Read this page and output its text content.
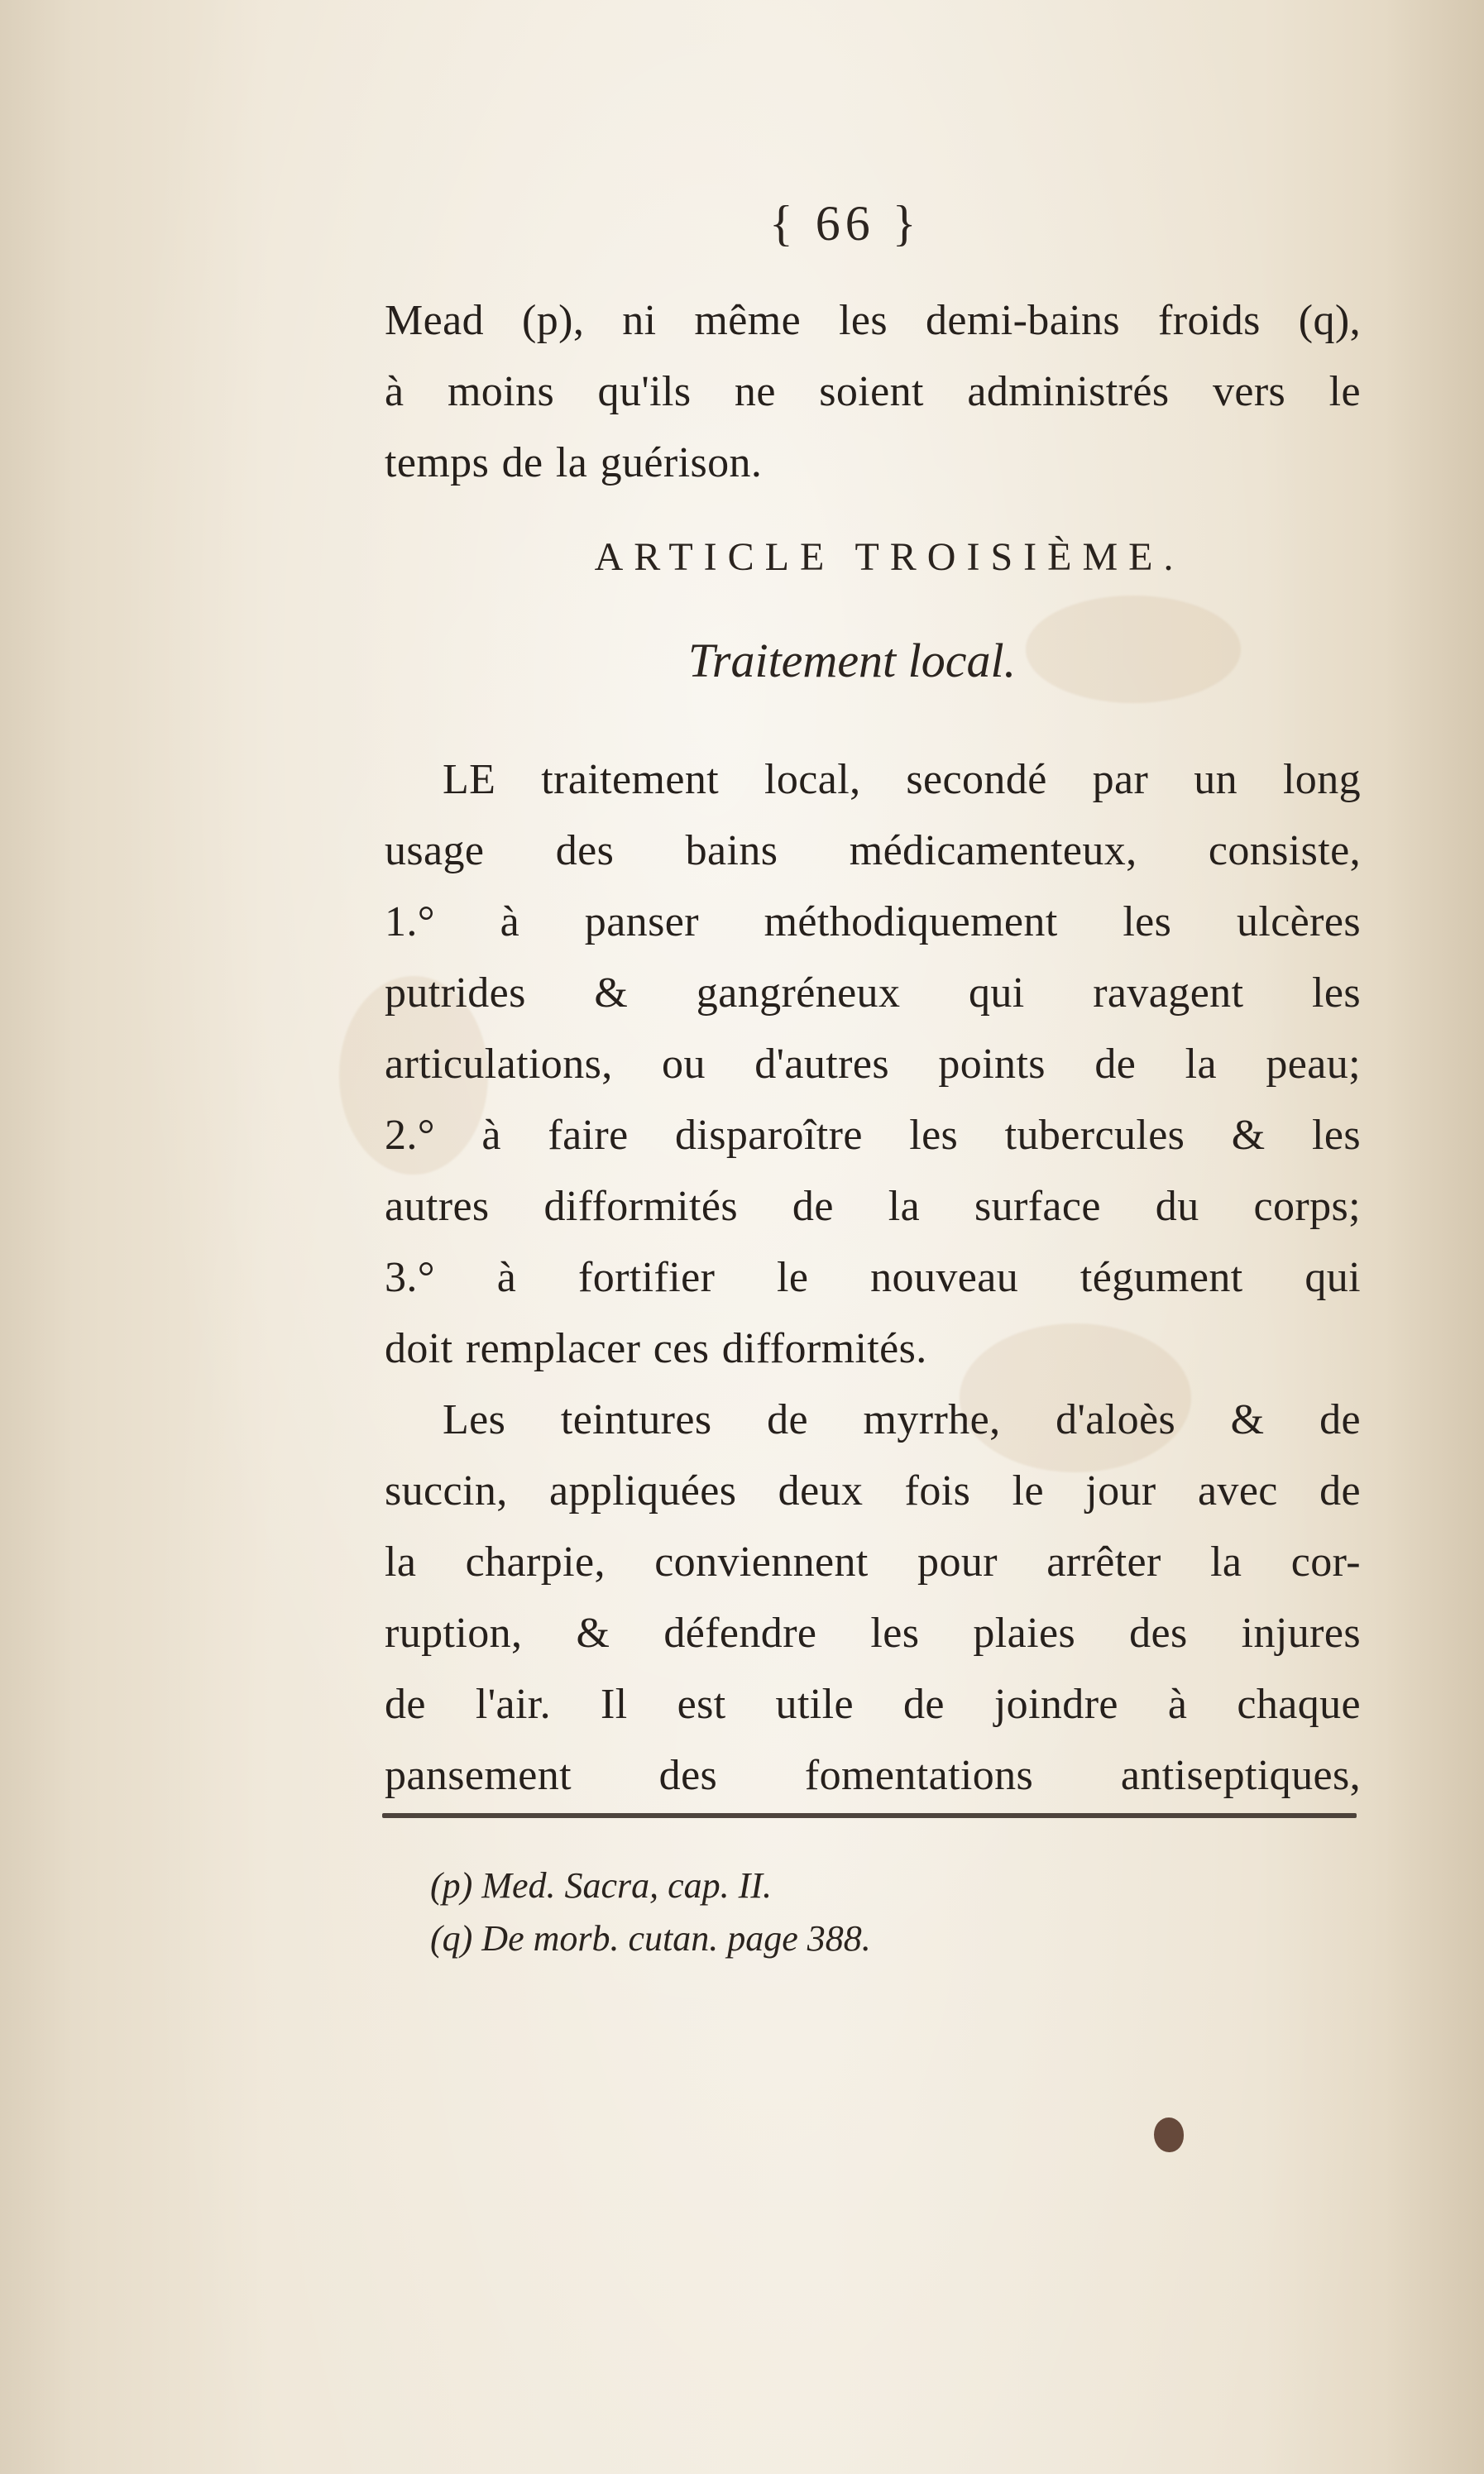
{ 66 }
Mead (p), ni même les demi-bains froids (q),
à moins qu'ils ne soient administrés vers le
temps de la guérison.
ARTICLE TROISIÈME.
Traitement local.
LE traitement local, secondé par un long
usage des bains médicamenteux, consiste,
1.° à panser méthodiquement les ulcères
putrides & gangréneux qui ravagent les
articulations, ou d'autres points de la peau;
2.° à faire disparoître les tubercules & les
autres difformités de la surface du corps;
3.° à fortifier le nouveau tégument qui
doit remplacer ces difformités.
Les teintures de myrrhe, d'aloès & de
succin, appliquées deux fois le jour avec de
la charpie, conviennent pour arrêter la cor-
ruption, & défendre les plaies des injures
de l'air. Il est utile de joindre à chaque
pansement des fomentations antiseptiques,
(p) Med. Sacra, cap. II.
(q) De morb. cutan. page 388.
